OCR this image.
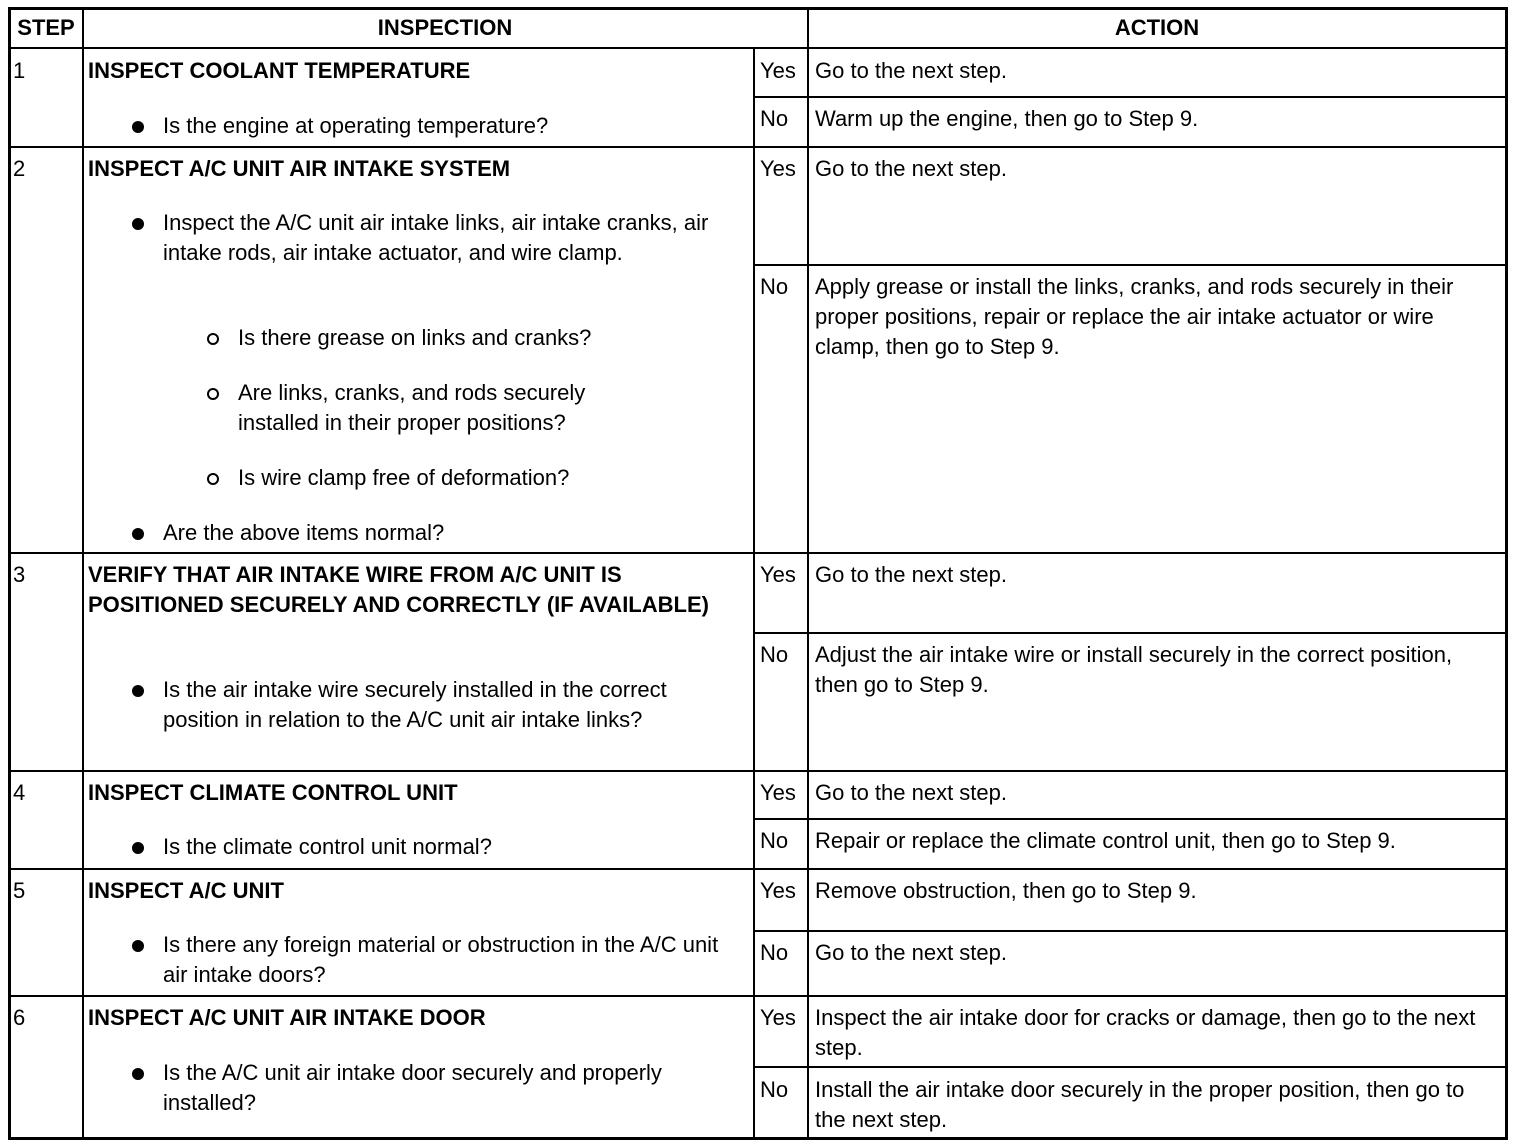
STEP	INSPECTION	ACTION
1	INSPECT COOLANT TEMPERATURE
Is the engine at operating temperature?
Yes Go to the next step.
No Warm up the engine, then go to Step 9.
2	INSPECT A/C UNIT AIR INTAKE SYSTEM
Inspect the A/C unit air intake links, air intake cranks, air intake rods, air intake actuator, and wire clamp.
Is there grease on links and cranks?
Are links, cranks, and rods securely installed in their proper positions?
Is wire clamp free of deformation?
Are the above items normal?
Yes Go to the next step.
No Apply grease or install the links, cranks, and rods securely in their proper positions, repair or replace the air intake actuator or wire clamp, then go to Step 9.
3	VERIFY THAT AIR INTAKE WIRE FROM A/C UNIT IS POSITIONED SECURELY AND CORRECTLY (IF AVAILABLE)
Is the air intake wire securely installed in the correct position in relation to the A/C unit air intake links?
Yes Go to the next step.
No Adjust the air intake wire or install securely in the correct position, then go to Step 9.
4	INSPECT CLIMATE CONTROL UNIT
Is the climate control unit normal?
Yes Go to the next step.
No Repair or replace the climate control unit, then go to Step 9.
5	INSPECT A/C UNIT
Is there any foreign material or obstruction in the A/C unit air intake doors?
Yes Remove obstruction, then go to Step 9.
No Go to the next step.
6	INSPECT A/C UNIT AIR INTAKE DOOR
Is the A/C unit air intake door securely and properly installed?
Yes Inspect the air intake door for cracks or damage, then go to the next step.
No Install the air intake door securely in the proper position, then go to the next step.
